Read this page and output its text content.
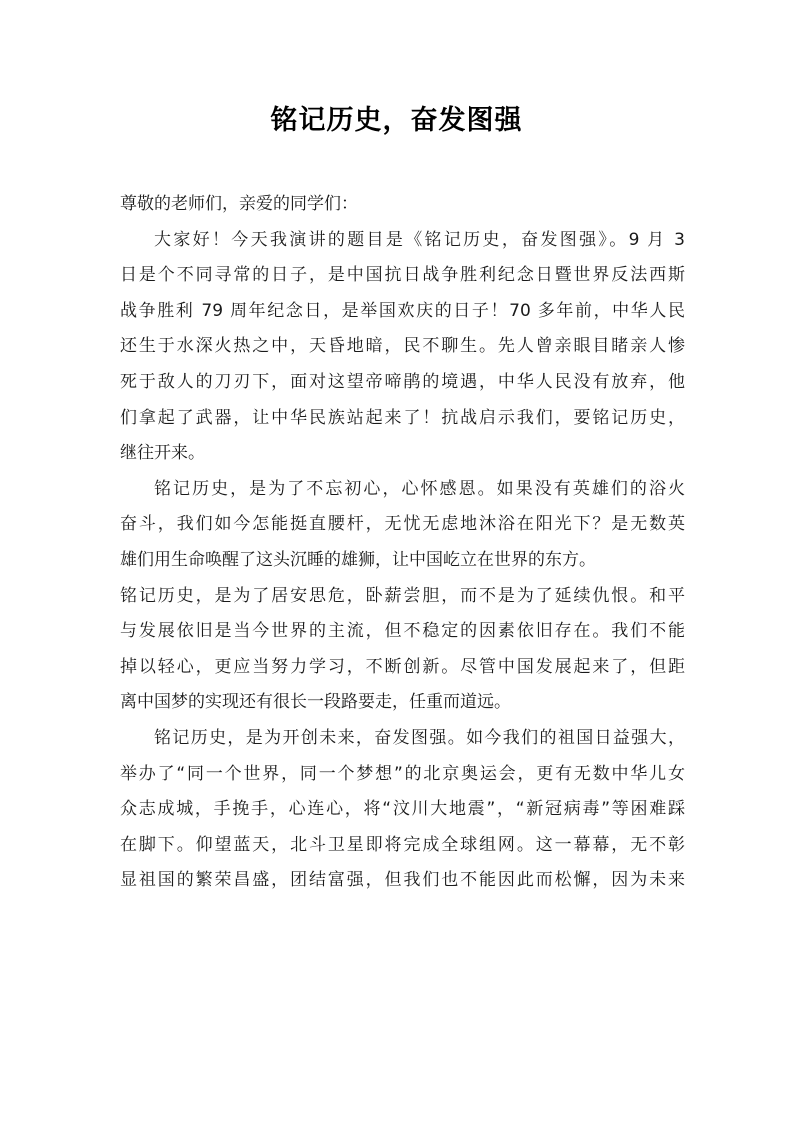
铭记历史，奋发图强
尊敬的老师们，亲爱的同学们：
大家好！今天我演讲的题目是《铭记历史，奋发图强》。9 月 3
日是个不同寻常的日子，是中国抗日战争胜利纪念日暨世界反法西斯
战争胜利 79 周年纪念日，是举国欢庆的日子！70 多年前，中华人民
还生于水深火热之中，天昏地暗，民不聊生。先人曾亲眼目睹亲人惨
死于敌人的刀刃下，面对这望帝啼鹃的境遇，中华人民没有放弃，他
们拿起了武器，让中华民族站起来了！抗战启示我们，要铭记历史，
继往开来。
铭记历史，是为了不忘初心，心怀感恩。如果没有英雄们的浴火
奋斗，我们如今怎能挺直腰杆，无忧无虑地沐浴在阳光下？是无数英
雄们用生命唤醒了这头沉睡的雄狮，让中国屹立在世界的东方。
铭记历史，是为了居安思危，卧薪尝胆，而不是为了延续仇恨。和平
与发展依旧是当今世界的主流，但不稳定的因素依旧存在。我们不能
掉以轻心，更应当努力学习，不断创新。尽管中国发展起来了，但距
离中国梦的实现还有很长一段路要走，任重而道远。
铭记历史，是为开创未来，奋发图强。如今我们的祖国日益强大，
举办了“同一个世界，同一个梦想”的北京奥运会，更有无数中华儿女
众志成城，手挽手，心连心，将“汶川大地震”，“新冠病毒”等困难踩
在脚下。仰望蓝天，北斗卫星即将完成全球组网。这一幕幕，无不彰
显祖国的繁荣昌盛，团结富强，但我们也不能因此而松懈，因为未来
